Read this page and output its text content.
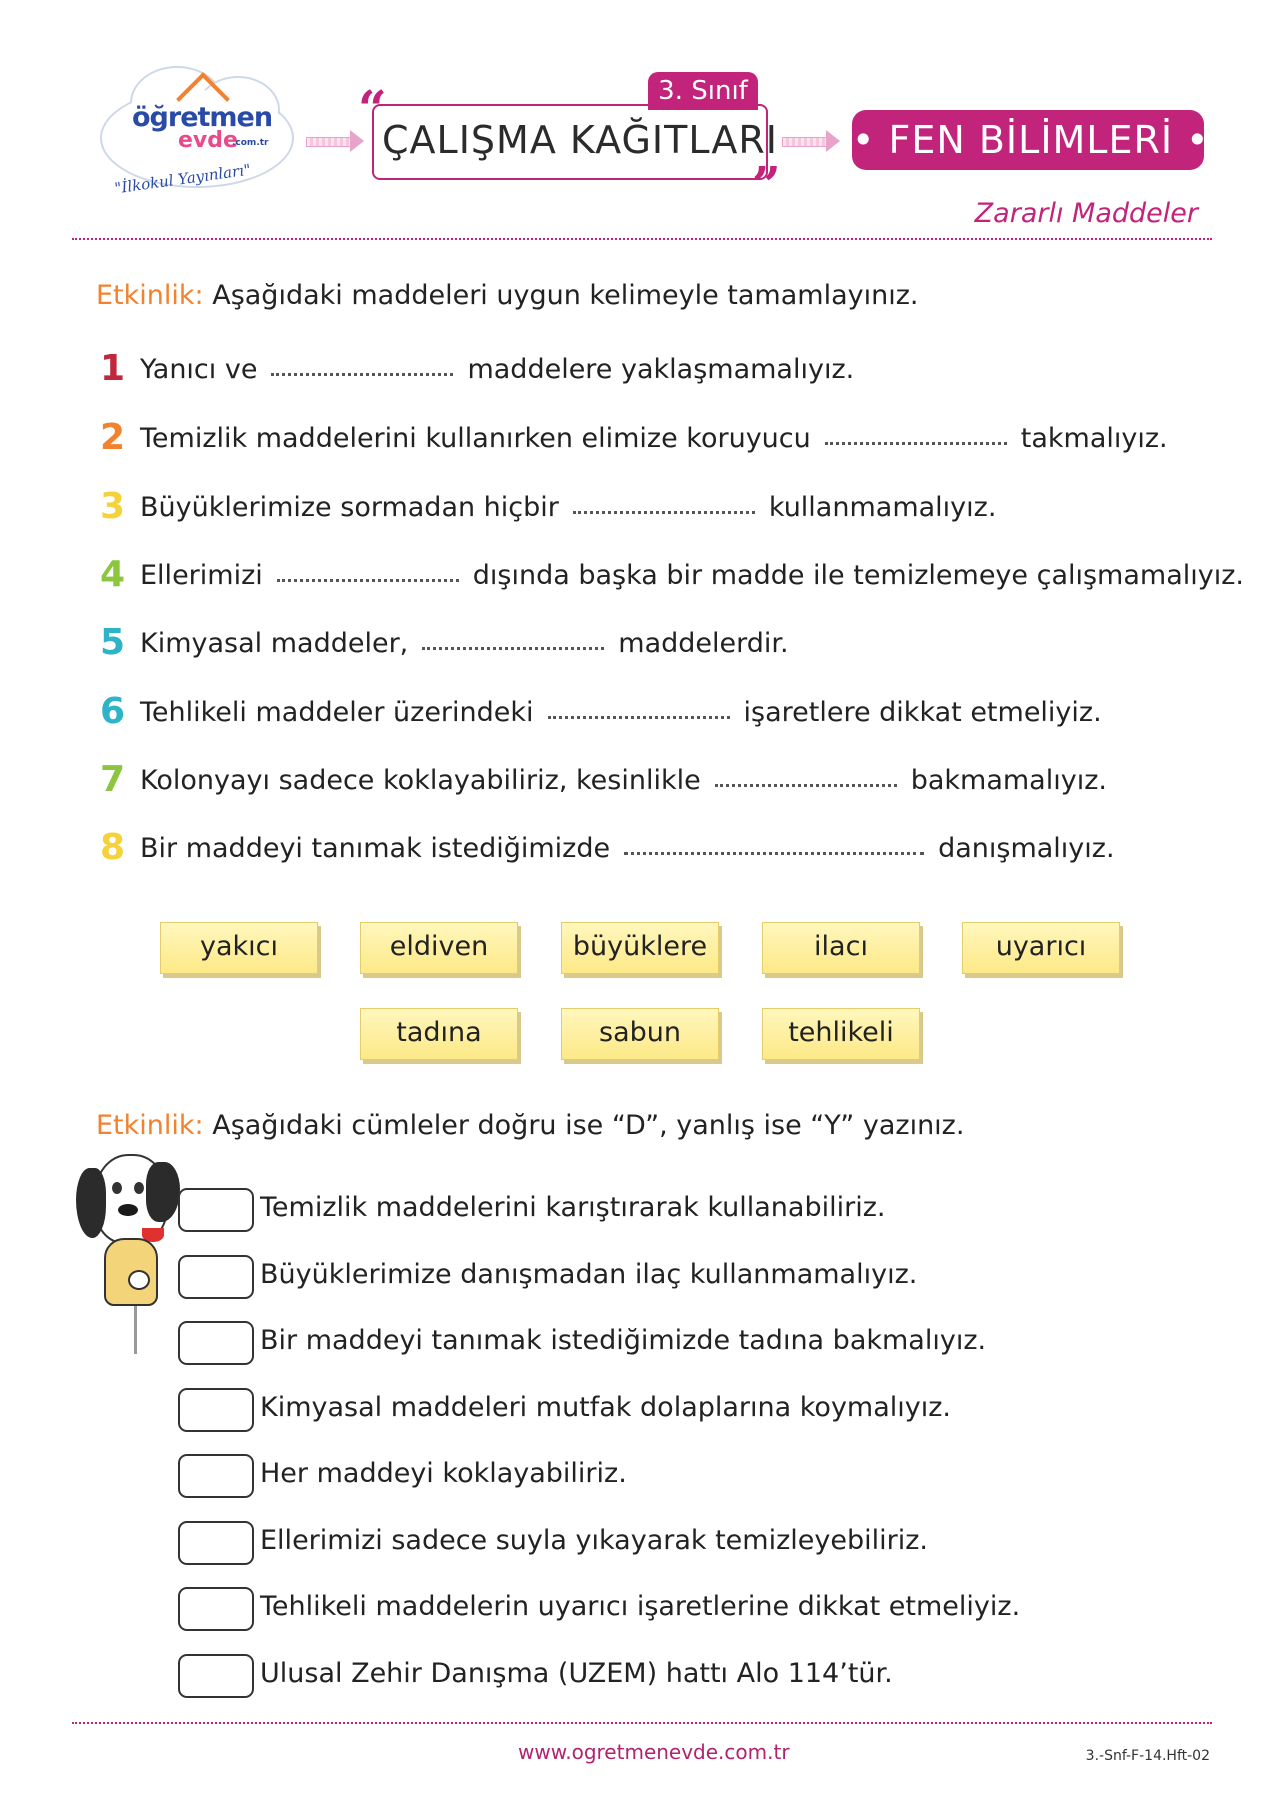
öğretmen
evde
.com.tr
"İlkokul Yayınları"
3. Sınıf
“
”
ÇALIŞMA KAĞITLARI • FEN BİLİMLERİ •
Zararlı Maddeler
Etkinlik: Aşağıdaki maddeleri uygun kelimeyle tamamlayınız.
1 Yanıcı ve	maddelere yaklaşmamalıyız.
2 Temizlik maddelerini kullanırken elimize koruyucu	takmalıyız.
3 Büyüklerimize sormadan hiçbir	kullanmamalıyız.
4 Ellerimizi	dışında başka bir madde ile temizlemeye çalışmamalıyız.
5 Kimyasal maddeler,	maddelerdir.
6 Tehlikeli maddeler üzerindeki	işaretlere dikkat etmeliyiz.
7 Kolonyayı sadece koklayabiliriz, kesinlikle	bakmamalıyız.
8 Bir maddeyi tanımak istediğimizde	danışmalıyız.
yakıcı	eldiven	büyüklere	ilacı	uyarıcı
tadına	sabun	tehlikeli
Etkinlik: Aşağıdaki cümleler doğru ise “D”, yanlış ise “Y” yazınız.
Temizlik maddelerini karıştırarak kullanabiliriz.
Büyüklerimize danışmadan ilaç kullanmamalıyız.
Bir maddeyi tanımak istediğimizde tadına bakmalıyız.
Kimyasal maddeleri mutfak dolaplarına koymalıyız.
Her maddeyi koklayabiliriz.
Ellerimizi sadece suyla yıkayarak temizleyebiliriz.
Tehlikeli maddelerin uyarıcı işaretlerine dikkat etmeliyiz.
Ulusal Zehir Danışma (UZEM) hattı Alo 114’tür.
www.ogretmenevde.com.tr	3.-Snf-F-14.Hft-02
